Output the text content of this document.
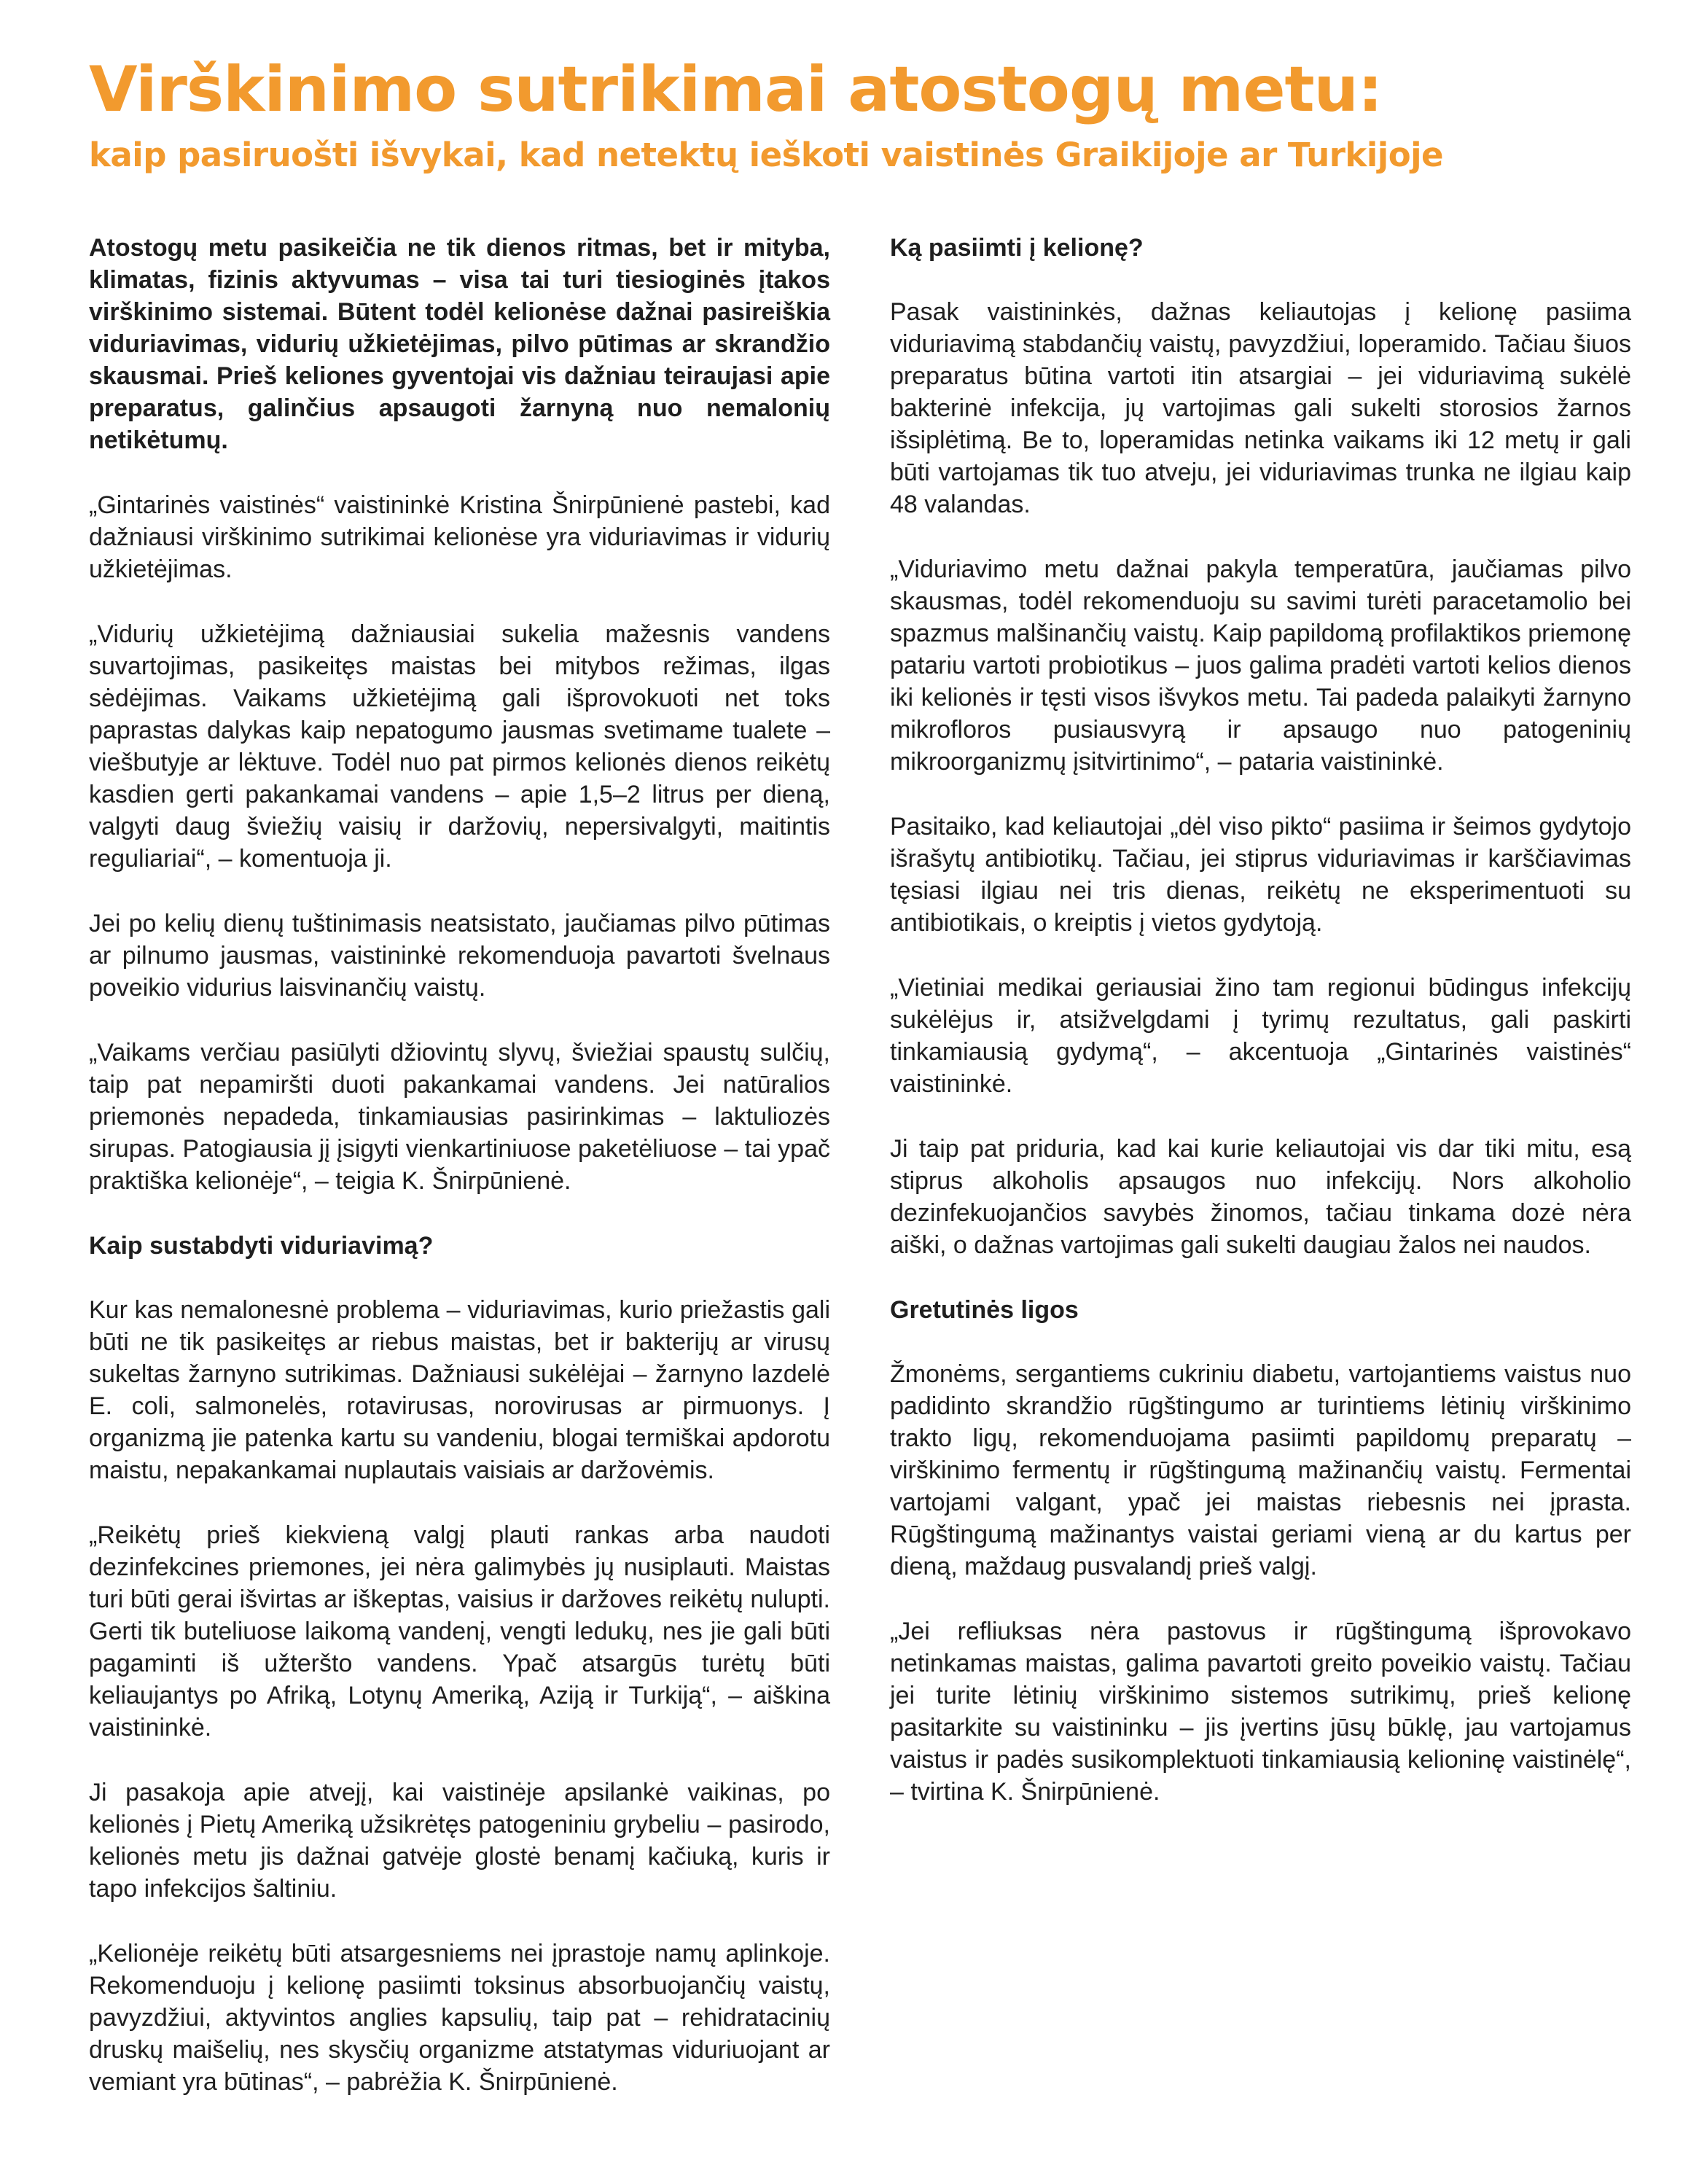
Virškinimo sutrikimai atostogų metu:
kaip pasiruošti išvykai, kad netektų ieškoti vaistinės Graikijoje ar Turkijoje

Atostogų metu pasikeičia ne tik dienos ritmas, bet ir mityba, klimatas, fizinis aktyvumas – visa tai turi tiesioginės įtakos virškinimo sistemai. Būtent todėl kelionėse dažnai pasireiškia viduriavimas, vidurių užkietėjimas, pilvo pūtimas ar skrandžio skausmai. Prieš keliones gyventojai vis dažniau teiraujasi apie preparatus, galinčius apsaugoti žarnyną nuo nemalonių netikėtumų.

„Gintarinės vaistinės“ vaistininkė Kristina Šnirpūnienė pastebi, kad dažniausi virškinimo sutrikimai kelionėse yra viduriavimas ir vidurių užkietėjimas.

„Vidurių užkietėjimą dažniausiai sukelia mažesnis vandens suvartojimas, pasikeitęs maistas bei mitybos režimas, ilgas sėdėjimas. Vaikams užkietėjimą gali išprovokuoti net toks paprastas dalykas kaip nepatogumo jausmas svetimame tualete – viešbutyje ar lėktuve. Todėl nuo pat pirmos kelionės dienos reikėtų kasdien gerti pakankamai vandens – apie 1,5–2 litrus per dieną, valgyti daug šviežių vaisių ir daržovių, nepersivalgyti, maitintis reguliariai“, – komentuoja ji.

Jei po kelių dienų tuštinimasis neatsistato, jaučiamas pilvo pūtimas ar pilnumo jausmas, vaistininkė rekomenduoja pavartoti švelnaus poveikio vidurius laisvinančių vaistų.

„Vaikams verčiau pasiūlyti džiovintų slyvų, šviežiai spaustų sulčių, taip pat nepamiršti duoti pakankamai vandens. Jei natūralios priemonės nepadeda, tinkamiausias pasirinkimas – laktuliozės sirupas. Patogiausia jį įsigyti vienkartiniuose paketėliuose – tai ypač praktiška kelionėje“, – teigia K. Šnirpūnienė.

Kaip sustabdyti viduriavimą?

Kur kas nemalonesnė problema – viduriavimas, kurio priežastis gali būti ne tik pasikeitęs ar riebus maistas, bet ir bakterijų ar virusų sukeltas žarnyno sutrikimas. Dažniausi sukėlėjai – žarnyno lazdelė E. coli, salmonelės, rotavirusas, norovirusas ar pirmuonys. Į organizmą jie patenka kartu su vandeniu, blogai termiškai apdorotu maistu, nepakankamai nuplautais vaisiais ar daržovėmis.

„Reikėtų prieš kiekvieną valgį plauti rankas arba naudoti dezinfekcines priemones, jei nėra galimybės jų nusiplauti. Maistas turi būti gerai išvirtas ar iškeptas, vaisius ir daržoves reikėtų nulupti. Gerti tik buteliuose laikomą vandenį, vengti ledukų, nes jie gali būti pagaminti iš užteršto vandens. Ypač atsargūs turėtų būti keliaujantys po Afriką, Lotynų Ameriką, Aziją ir Turkiją“, – aiškina vaistininkė.

Ji pasakoja apie atvejį, kai vaistinėje apsilankė vaikinas, po kelionės į Pietų Ameriką užsikrėtęs patogeniniu grybeliu – pasirodo, kelionės metu jis dažnai gatvėje glostė benamį kačiuką, kuris ir tapo infekcijos šaltiniu.

„Kelionėje reikėtų būti atsargesniems nei įprastoje namų aplinkoje. Rekomenduoju į kelionę pasiimti toksinus absorbuojančių vaistų, pavyzdžiui, aktyvintos anglies kapsulių, taip pat – rehidratacinių druskų maišelių, nes skysčių organizme atstatymas viduriuojant ar vemiant yra būtinas“, – pabrėžia K. Šnirpūnienė.

Ką pasiimti į kelionę?

Pasak vaistininkės, dažnas keliautojas į kelionę pasiima viduriavimą stabdančių vaistų, pavyzdžiui, loperamido. Tačiau šiuos preparatus būtina vartoti itin atsargiai – jei viduriavimą sukėlė bakterinė infekcija, jų vartojimas gali sukelti storosios žarnos išsiplėtimą. Be to, loperamidas netinka vaikams iki 12 metų ir gali būti vartojamas tik tuo atveju, jei viduriavimas trunka ne ilgiau kaip 48 valandas.

„Viduriavimo metu dažnai pakyla temperatūra, jaučiamas pilvo skausmas, todėl rekomenduoju su savimi turėti paracetamolio bei spazmus malšinančių vaistų. Kaip papildomą profilaktikos priemonę patariu vartoti probiotikus – juos galima pradėti vartoti kelios dienos iki kelionės ir tęsti visos išvykos metu. Tai padeda palaikyti žarnyno mikrofloros pusiausvyrą ir apsaugo nuo patogeninių mikroorganizmų įsitvirtinimo“, – pataria vaistininkė.

Pasitaiko, kad keliautojai „dėl viso pikto“ pasiima ir šeimos gydytojo išrašytų antibiotikų. Tačiau, jei stiprus viduriavimas ir karščiavimas tęsiasi ilgiau nei tris dienas, reikėtų ne eksperimentuoti su antibiotikais, o kreiptis į vietos gydytoją.

„Vietiniai medikai geriausiai žino tam regionui būdingus infekcijų sukėlėjus ir, atsižvelgdami į tyrimų rezultatus, gali paskirti tinkamiausią gydymą“, – akcentuoja „Gintarinės vaistinės“ vaistininkė.

Ji taip pat priduria, kad kai kurie keliautojai vis dar tiki mitu, esą stiprus alkoholis apsaugos nuo infekcijų. Nors alkoholio dezinfekuojančios savybės žinomos, tačiau tinkama dozė nėra aiški, o dažnas vartojimas gali sukelti daugiau žalos nei naudos.

Gretutinės ligos

Žmonėms, sergantiems cukriniu diabetu, vartojantiems vaistus nuo padidinto skrandžio rūgštingumo ar turintiems lėtinių virškinimo trakto ligų, rekomenduojama pasiimti papildomų preparatų – virškinimo fermentų ir rūgštingumą mažinančių vaistų. Fermentai vartojami valgant, ypač jei maistas riebesnis nei įprasta. Rūgštingumą mažinantys vaistai geriami vieną ar du kartus per dieną, maždaug pusvalandį prieš valgį.

„Jei refliuksas nėra pastovus ir rūgštingumą išprovokavo netinkamas maistas, galima pavartoti greito poveikio vaistų. Tačiau jei turite lėtinių virškinimo sistemos sutrikimų, prieš kelionę pasitarkite su vaistininku – jis įvertins jūsų būklę, jau vartojamus vaistus ir padės susikomplektuoti tinkamiausią kelioninę vaistinėlę“, – tvirtina K. Šnirpūnienė.
